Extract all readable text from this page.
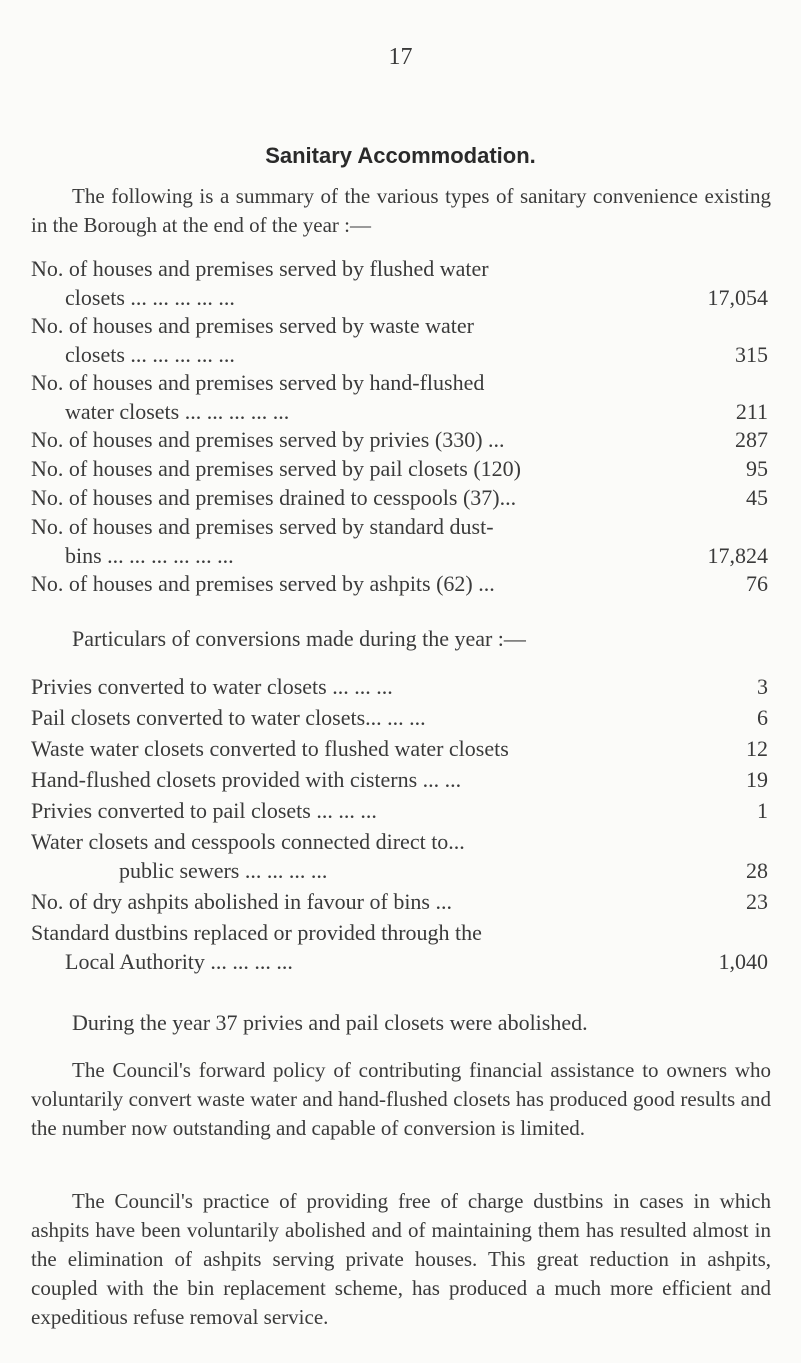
17
Sanitary Accommodation.
The following is a summary of the various types of sanitary convenience existing in the Borough at the end of the year :—
No. of houses and premises served by flushed water
closets ... ... ... ... ...	17,054
No. of houses and premises served by waste water
closets ... ... ... ... ...	315
No. of houses and premises served by hand-flushed
water closets ... ... ... ... ...	211
No. of houses and premises served by privies (330) ...	287
No. of houses and premises served by pail closets (120)	95
No. of houses and premises drained to cesspools (37)...	45
No. of houses and premises served by standard dust-
bins ... ... ... ... ... ...	17,824
No. of houses and premises served by ashpits (62) ...	76
Particulars of conversions made during the year :—
Privies converted to water closets ... ... ...	3
Pail closets converted to water closets... ... ...	6
Waste water closets converted to flushed water closets	12
Hand-flushed closets provided with cisterns ... ...	19
Privies converted to pail closets ... ... ...	1
Water closets and cesspools connected direct to...
public sewers ... ... ... ...	28
No. of dry ashpits abolished in favour of bins ...	23
Standard dustbins replaced or provided through the
Local Authority ... ... ... ...	1,040
During the year 37 privies and pail closets were abolished.
The Council's forward policy of contributing financial assistance to owners who voluntarily convert waste water and hand-flushed closets has produced good results and the number now outstanding and capable of conversion is limited.
The Council's practice of providing free of charge dustbins in cases in which ashpits have been voluntarily abolished and of maintaining them has resulted almost in the elimination of ashpits serving private houses. This great reduction in ashpits, coupled with the bin replacement scheme, has produced a much more efficient and expeditious refuse removal service.
